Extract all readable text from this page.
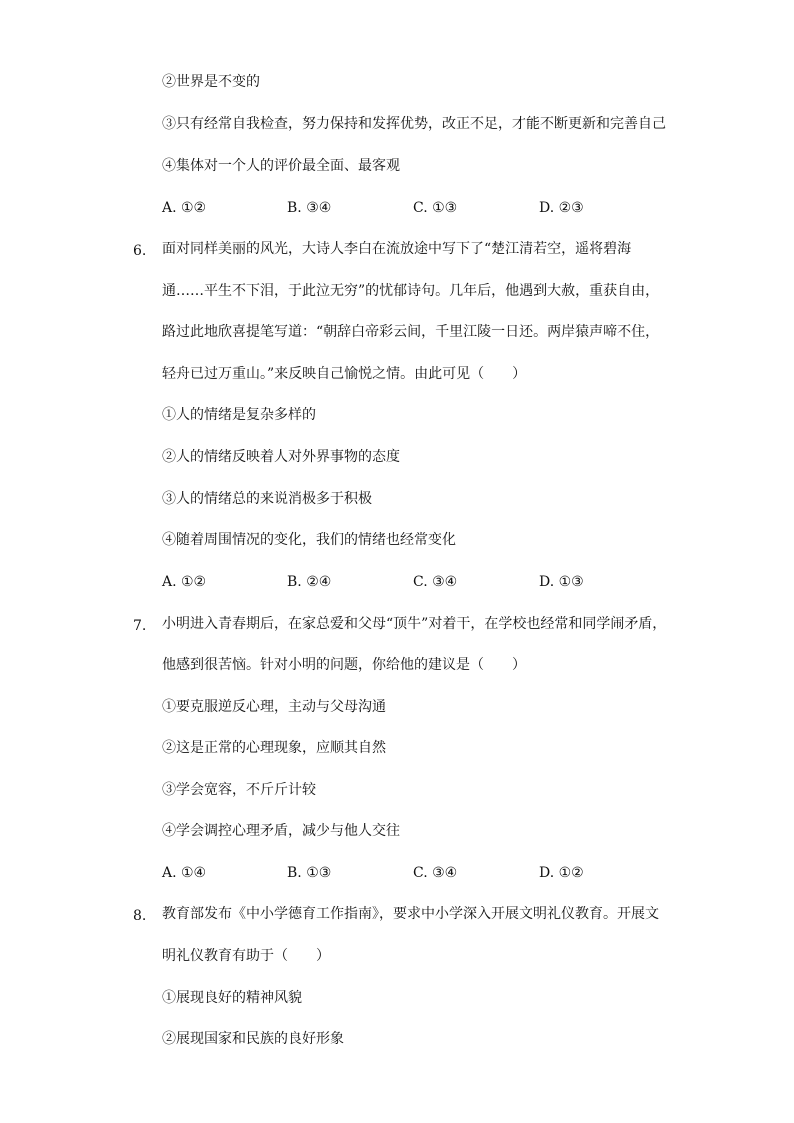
②世界是不变的
③只有经常自我检查，努力保持和发挥优势，改正不足，才能不断更新和完善自己
④集体对一个人的评价最全面、最客观
A. ①②	B. ③④	C. ①③	D. ②③
6. 面对同样美丽的风光，大诗人李白在流放途中写下了“楚江清若空，遥将碧海
通……平生不下泪，于此泣无穷”的忧郁诗句。几年后，他遇到大赦，重获自由，
路过此地欣喜提笔写道：“朝辞白帝彩云间，千里江陵一日还。两岸猿声啼不住，
轻舟已过万重山。”来反映自己愉悦之情。由此可见（　　）
①人的情绪是复杂多样的
②人的情绪反映着人对外界事物的态度
③人的情绪总的来说消极多于积极
④随着周围情况的变化，我们的情绪也经常变化
A. ①②	B. ②④	C. ③④	D. ①③
7. 小明进入青春期后，在家总爱和父母“顶牛”对着干，在学校也经常和同学闹矛盾，
他感到很苦恼。针对小明的问题，你给他的建议是（　　）
①要克服逆反心理，主动与父母沟通
②这是正常的心理现象，应顺其自然
③学会宽容，不斤斤计较
④学会调控心理矛盾，减少与他人交往
A. ①④	B. ①③	C. ③④	D. ①②
8. 教育部发布《中小学德育工作指南》，要求中小学深入开展文明礼仪教育。开展文
明礼仪教育有助于（　　）
①展现良好的精神风貌
②展现国家和民族的良好形象
